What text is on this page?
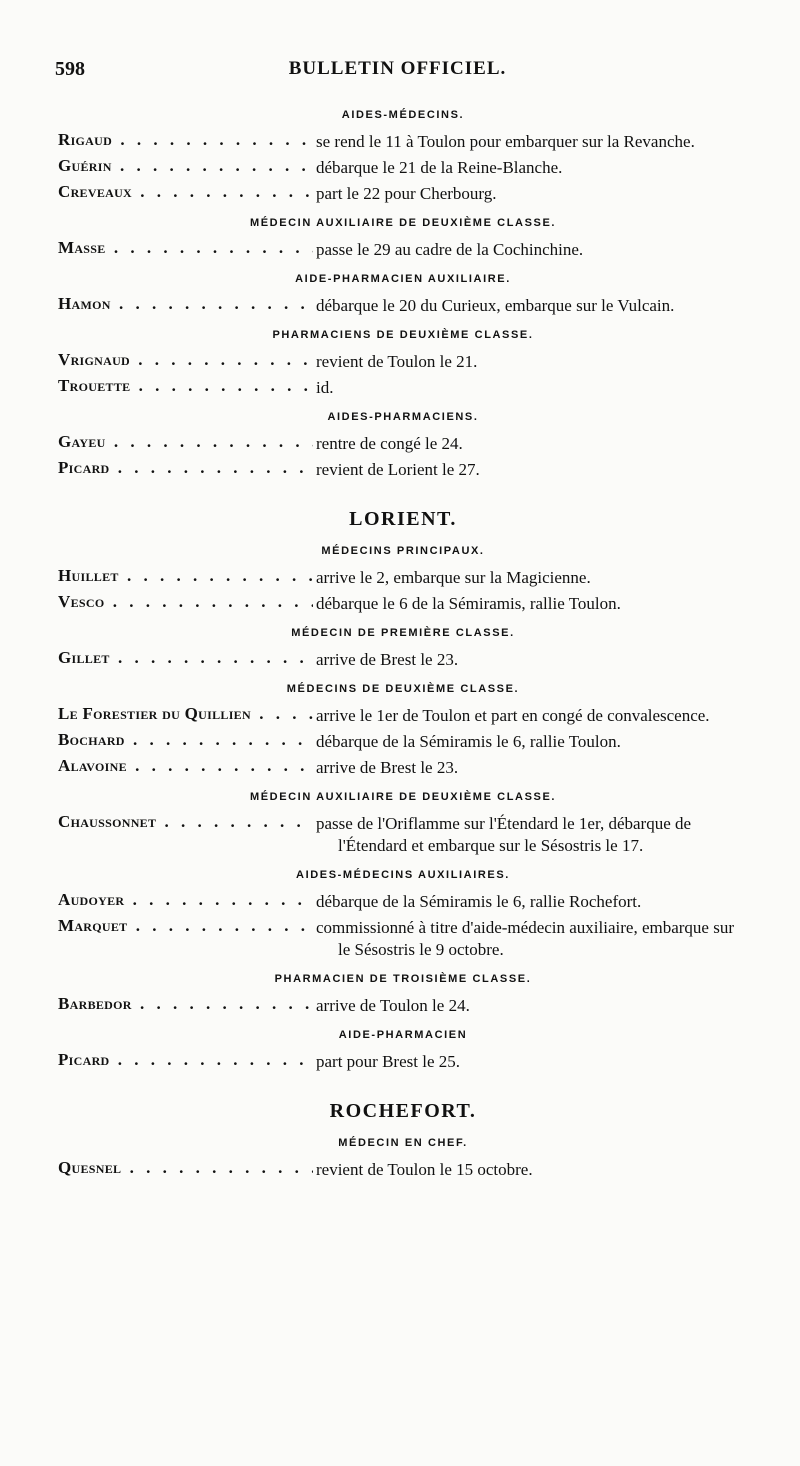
598	BULLETIN OFFICIEL.
AIDES-MÉDECINS.
Rigaud . . .	se rend le 11 à Toulon pour embarquer sur la Revanche.
Guérin . . .	débarque le 21 de la Reine-Blanche.
Creveaux . . .	part le 22 pour Cherbourg.
MÉDECIN AUXILIAIRE DE DEUXIÈME CLASSE.
Masse . . .	passe le 29 au cadre de la Cochinchine.
AIDE-PHARMACIEN AUXILIAIRE.
Hamon . . .	débarque le 20 du Curieux, embarque sur le Vulcain.
PHARMACIENS DE DEUXIÈME CLASSE.
Vrignaud . . .	revient de Toulon le 21.
Trouette . . .	id.
AIDES-PHARMACIENS.
Gayeu . . .	rentre de congé le 24.
Picard . . .	revient de Lorient le 27.
LORIENT.
MÉDECINS PRINCIPAUX.
Huillet . . .	arrive le 2, embarque sur la Magicienne.
Vesco . . .	débarque le 6 de la Sémiramis, rallie Toulon.
MÉDECIN DE PREMIÈRE CLASSE.
Gillet . . .	arrive de Brest le 23.
MÉDECINS DE DEUXIÈME CLASSE.
Le Forestier du Quillien . . .	arrive le 1er de Toulon et part en congé de convalescence.
Bochard . . .	débarque de la Sémiramis le 6, rallie Toulon.
Alavoine . . .	arrive de Brest le 23.
MÉDECIN AUXILIAIRE DE DEUXIÈME CLASSE.
Chaussonnet . . .	passe de l'Oriflamme sur l'Étendard le 1er, débarque de l'Étendard et embarque sur le Sésostris le 17.
AIDES-MÉDECINS AUXILIAIRES.
Audoyer . . .	débarque de la Sémiramis le 6, rallie Rochefort.
Marquet . . .	commissionné à titre d'aide-médecin auxiliaire, embarque sur le Sésostris le 9 octobre.
PHARMACIEN DE TROISIÈME CLASSE.
Barbedor . . .	arrive de Toulon le 24.
AIDE-PHARMACIEN
Picard . . .	part pour Brest le 25.
ROCHEFORT.
MÉDECIN EN CHEF.
Quesnel . . .	revient de Toulon le 15 octobre.
